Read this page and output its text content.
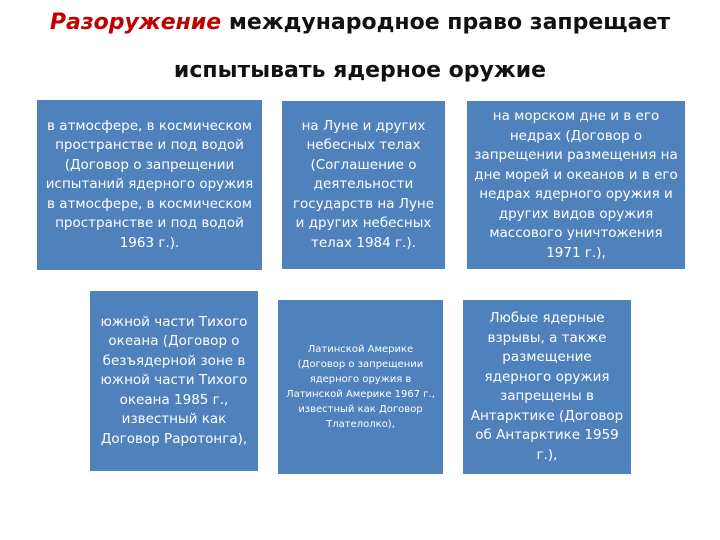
Разоружение международное право запрещает
испытывать ядерное оружие

в атмосфере, в космическом пространстве и под водой (Договор о запрещении испытаний ядерного оружия в атмосфере, в космическом пространстве и под водой 1963 г.).

на Луне и других небесных телах (Соглашение о деятельности государств на Луне и других небесных телах 1984 г.).

на морском дне и в его недрах (Договор о запрещении размещения на дне морей и океанов и в его недрах ядерного оружия и других видов оружия массового уничтожения 1971 г.),

южной части Тихого океана (Договор о безъядерной зоне в южной части Тихого океана 1985 г., известный как Договор Раротонга),

Латинской Америке (Договор о запрещении ядерного оружия в Латинской Америке 1967 г., известный как Договор Тлателолко),

Любые ядерные взрывы, а также размещение ядерного оружия запрещены в Антарктике (Договор об Антарктике 1959 г.),
